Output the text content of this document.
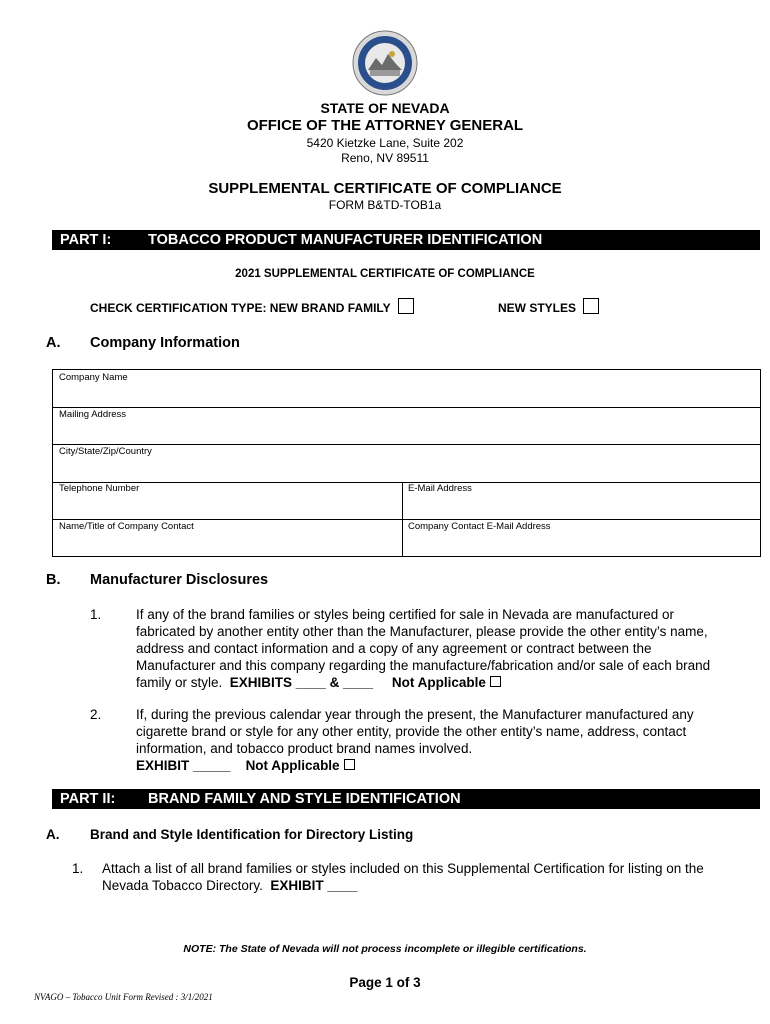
STATE OF NEVADA
OFFICE OF THE ATTORNEY GENERAL
5420 Kietzke Lane, Suite 202
Reno, NV 89511
SUPPLEMENTAL CERTIFICATE OF COMPLIANCE
FORM B&TD-TOB1a
PART I:	TOBACCO PRODUCT MANUFACTURER IDENTIFICATION
2021 SUPPLEMENTAL CERTIFICATE OF COMPLIANCE
CHECK CERTIFICATION TYPE: NEW BRAND FAMILY	NEW STYLES
A. Company Information
Company Name
Mailing Address
City/State/Zip/Country
Telephone Number	E-Mail Address
Name/Title of Company Contact	Company Contact E-Mail Address
B. Manufacturer Disclosures
1.	If any of the brand families or styles being certified for sale in Nevada are manufactured or fabricated by another entity other than the Manufacturer, please provide the other entity’s name, address and contact information and a copy of any agreement or contract between the Manufacturer and this company regarding the manufacture/fabrication and/or sale of each brand family or style. EXHIBITS ____ & ____ Not Applicable
2.	If, during the previous calendar year through the present, the Manufacturer manufactured any cigarette brand or style for any other entity, provide the other entity’s name, address, contact information, and tobacco product brand names involved.
EXHIBIT _____ Not Applicable
PART II: BRAND FAMILY AND STYLE IDENTIFICATION
A. Brand and Style Identification for Directory Listing
1. Attach a list of all brand families or styles included on this Supplemental Certification for listing on the Nevada Tobacco Directory. EXHIBIT ____
NOTE: The State of Nevada will not process incomplete or illegible certifications.
Page 1 of 3
NVAGO – Tobacco Unit Form Revised : 3/1/2021
